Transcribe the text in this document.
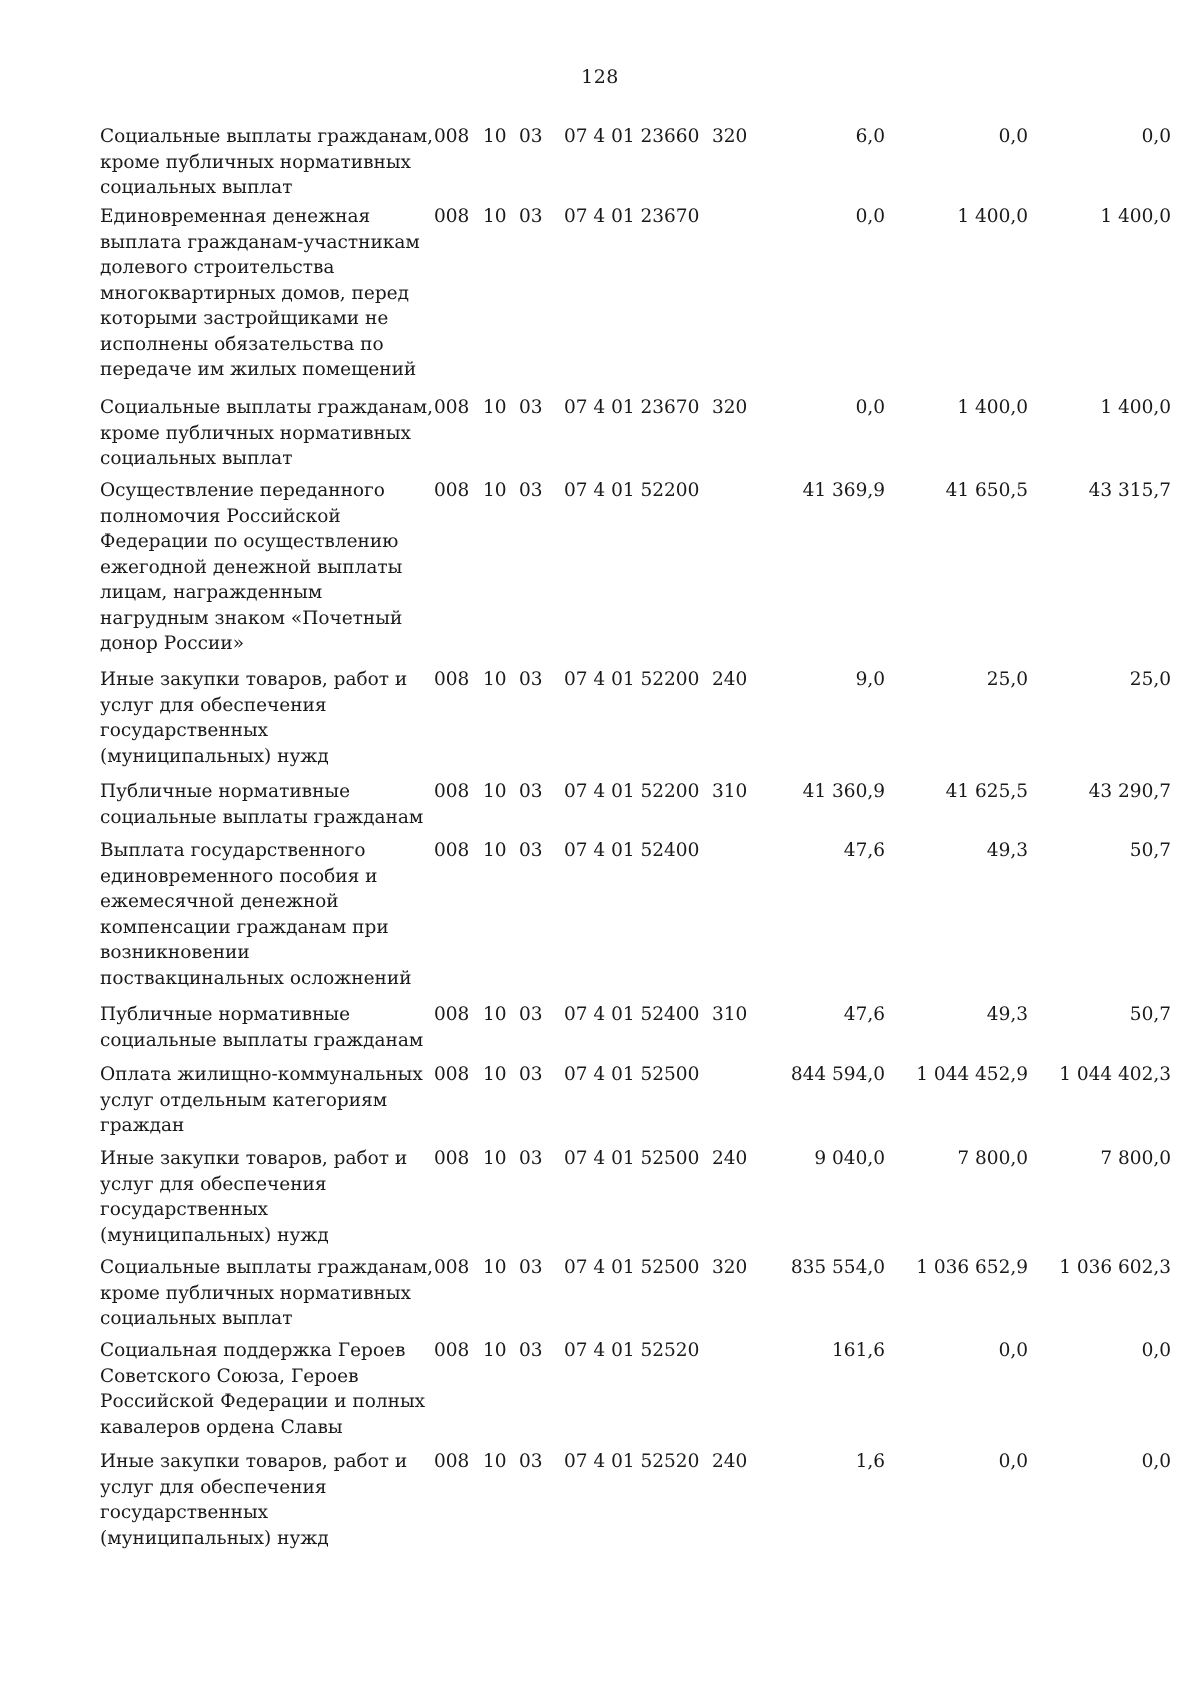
128
Социальные выплаты гражданам,
кроме публичных нормативных
социальных выплат
008 10 03 07 4 01 23660 320	6,0	0,0	0,0
Единовременная денежная
выплата гражданам-участникам
долевого строительства
многоквартирных домов, перед
которыми застройщиками не
исполнены обязательства по
передаче им жилых помещений
008 10 03 07 4 01 23670	0,0	1 400,0	1 400,0
Социальные выплаты гражданам,
кроме публичных нормативных
социальных выплат
008 10 03 07 4 01 23670 320	0,0	1 400,0	1 400,0
Осуществление переданного
полномочия Российской
Федерации по осуществлению
ежегодной денежной выплаты
лицам, награжденным
нагрудным знаком «Почетный
донор России»
008 10 03 07 4 01 52200	41 369,9	41 650,5	43 315,7
Иные закупки товаров, работ и
услуг для обеспечения
государственных
(муниципальных) нужд
008 10 03 07 4 01 52200 240	9,0	25,0	25,0
Публичные нормативные
социальные выплаты гражданам
008 10 03 07 4 01 52200 310	41 360,9	41 625,5	43 290,7
Выплата государственного
единовременного пособия и
ежемесячной денежной
компенсации гражданам при
возникновении
поствакцинальных осложнений
008 10 03 07 4 01 52400	47,6	49,3	50,7
Публичные нормативные
социальные выплаты гражданам
008 10 03 07 4 01 52400 310	47,6	49,3	50,7
Оплата жилищно-коммунальных
услуг отдельным категориям
граждан
008 10 03 07 4 01 52500	844 594,0	1 044 452,9	1 044 402,3
Иные закупки товаров, работ и
услуг для обеспечения
государственных
(муниципальных) нужд
008 10 03 07 4 01 52500 240	9 040,0	7 800,0	7 800,0
Социальные выплаты гражданам,
кроме публичных нормативных
социальных выплат
008 10 03 07 4 01 52500 320	835 554,0	1 036 652,9	1 036 602,3
Социальная поддержка Героев
Советского Союза, Героев
Российской Федерации и полных
кавалеров ордена Славы
008 10 03 07 4 01 52520	161,6	0,0	0,0
Иные закупки товаров, работ и
услуг для обеспечения
государственных
(муниципальных) нужд
008 10 03 07 4 01 52520 240	1,6	0,0	0,0
